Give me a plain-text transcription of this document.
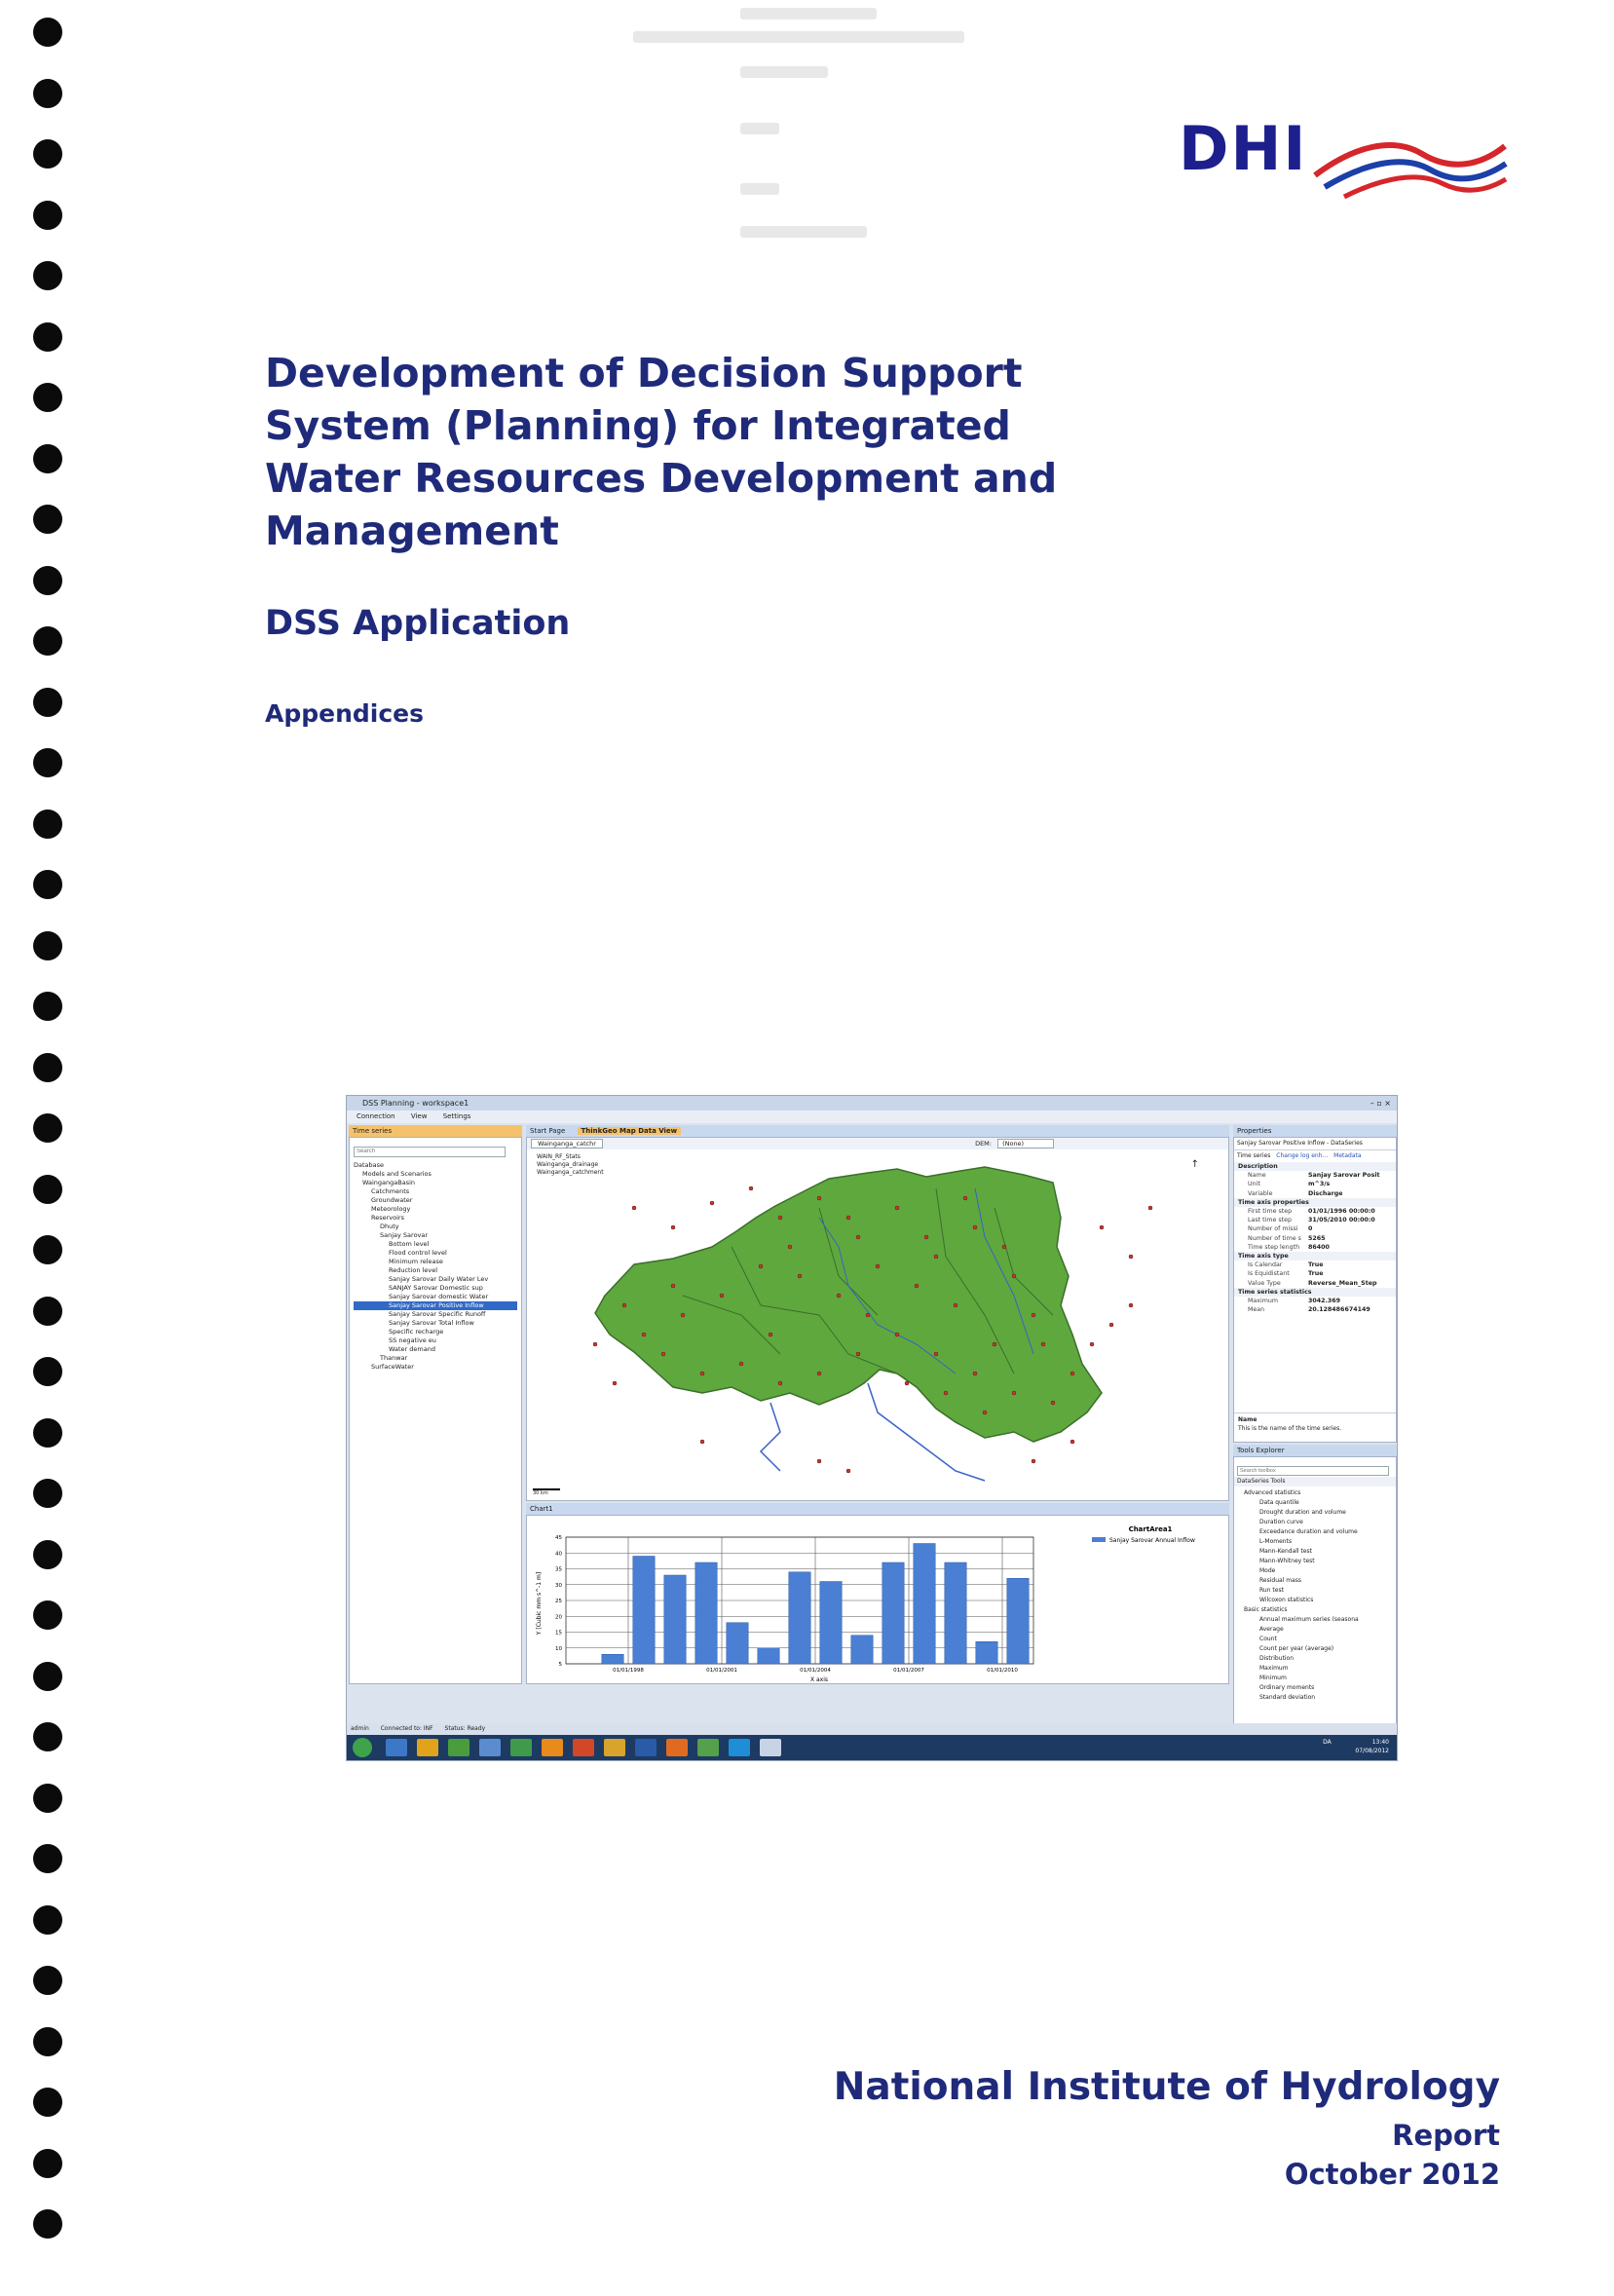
DHI
Development of Decision Support
System (Planning) for Integrated
Water Resources Development and
Management
DSS Application
Appendices
DSS Planning - workspace1	– ▫ ×
Connection View Settings
Time series
Search
Database
Models and Scenarios
WaingangaBasin
Catchments
Groundwater
Meteorology
Reservoirs
Dhuty
Sanjay Sarovar
Bottom level
Flood control level
Minimum release
Reduction level
Sanjay Sarovar Daily Water Lev
SANJAY Sarovar Domestic sup
Sanjay Sarovar domestic Water
Sanjay Sarovar Positive Inflow
Sanjay Sarovar Specific Runoff
Sanjay Sarovar Total Inflow
Specific recharge
SS negative eu
Water demand
Thanwar
SurfaceWater
Start Page ThinkGeo Map Data View
Wainganga_catchr	DEM: (None)
WAIN_RF_Stats
Wainganga_drainage
Wainganga_catchment
30 km
↑
Chart1
5
10
15
20
25
30
35
40
45
01/01/1998	01/01/2001	01/01/2004	01/01/2007	01/01/2010
Y [Cubic mm s^-1 m]
X axis
ChartArea1
Sanjay Sarovar Annual Inflow
Properties
Sanjay Sarovar Positive Inflow - DataSeries
Time series Change log enh... Metadata
Description
Name	Sanjay Sarovar Posit
Unit	m^3/s
Variable	Discharge
Time axis properties
First time step	01/01/1996 00:00:0
Last time step	31/05/2010 00:00:0
Number of missi	0
Number of time s	5265
Time step length	86400
Time axis type
Is Calendar	True
Is Equidistant	True
Value Type	Reverse_Mean_Step
Time series statistics
Maximum	3042.369
Mean	20.128486674149
Name
This is the name of the time series.
Tools Explorer
Search toolbox
DataSeries Tools
Advanced statistics
Data quantile
Drought duration and volume
Duration curve
Exceedance duration and volume
L-Moments
Mann-Kendall test
Mann-Whitney test
Mode
Residual mass
Run test
Wilcoxon statistics
Basic statistics
Annual maximum series (seasona
Average
Count
Count per year (average)
Distribution
Maximum
Minimum
Ordinary moments
Standard deviation
admin Connected to: INF Status: Ready
DA	13:40
07/08/2012
National Institute of Hydrology
Report
October 2012
